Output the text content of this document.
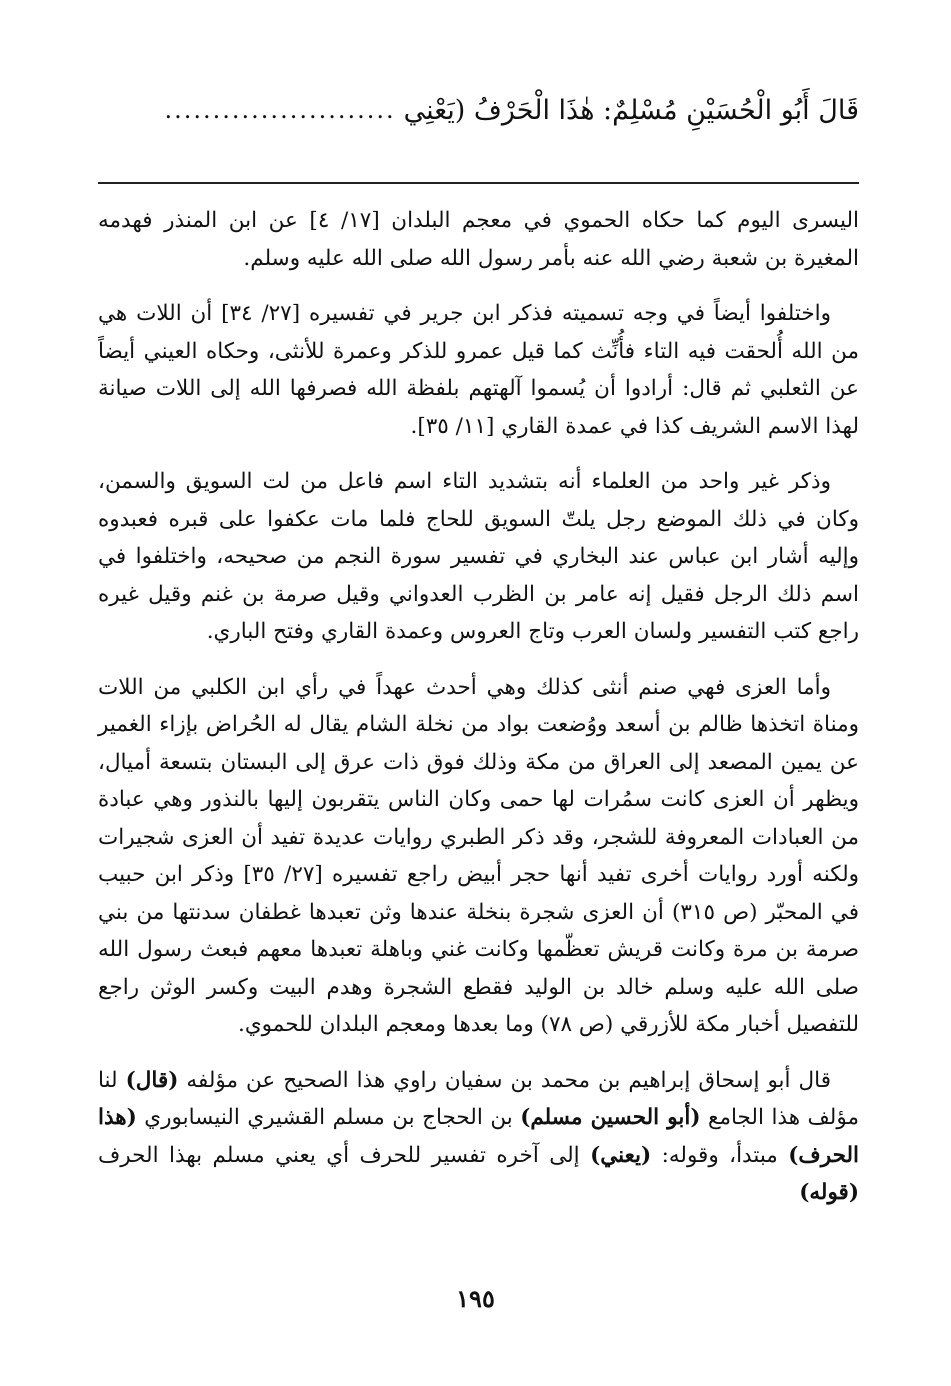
قَالَ أَبُو الْحُسَيْنِ مُسْلِمٌ: هٰذَا الْحَرْفُ (يَعْنِي
........................

اليسرى اليوم كما حكاه الحموي في معجم البلدان [١٧/ ٤] عن ابن المنذر فهدمه المغيرة بن شعبة رضي الله عنه بأمر رسول الله صلى الله عليه وسلم.

واختلفوا أيضاً في وجه تسميته فذكر ابن جرير في تفسيره [٢٧/ ٣٤] أن اللات هي من الله أُلحقت فيه التاء فأُنِّث كما قيل عمرو للذكر وعمرة للأنثى، وحكاه العيني أيضاً عن الثعلبي ثم قال: أرادوا أن يُسموا آلهتهم بلفظة الله فصرفها الله إلى اللات صيانة لهذا الاسم الشريف كذا في عمدة القاري [١١/ ٣٥].

وذكر غير واحد من العلماء أنه بتشديد التاء اسم فاعل من لت السويق والسمن، وكان في ذلك الموضع رجل يلتّ السويق للحاج فلما مات عكفوا على قبره فعبدوه وإليه أشار ابن عباس عند البخاري في تفسير سورة النجم من صحيحه، واختلفوا في اسم ذلك الرجل فقيل إنه عامر بن الظرب العدواني وقيل صرمة بن غنم وقيل غيره راجع كتب التفسير ولسان العرب وتاج العروس وعمدة القاري وفتح الباري.

وأما العزى فهي صنم أنثى كذلك وهي أحدث عهداً في رأي ابن الكلبي من اللات ومناة اتخذها ظالم بن أسعد ووُضعت بواد من نخلة الشام يقال له الحُراض بإزاء الغمير عن يمين المصعد إلى العراق من مكة وذلك فوق ذات عرق إلى البستان بتسعة أميال، ويظهر أن العزى كانت سمُرات لها حمى وكان الناس يتقربون إليها بالنذور وهي عبادة من العبادات المعروفة للشجر، وقد ذكر الطبري روايات عديدة تفيد أن العزى شجيرات ولكنه أورد روايات أخرى تفيد أنها حجر أبيض راجع تفسيره [٢٧/ ٣٥] وذكر ابن حبيب في المحبّر (ص ٣١٥) أن العزى شجرة بنخلة عندها وثن تعبدها غطفان سدنتها من بني صرمة بن مرة وكانت قريش تعظّمها وكانت غني وباهلة تعبدها معهم فبعث رسول الله صلى الله عليه وسلم خالد بن الوليد فقطع الشجرة وهدم البيت وكسر الوثن راجع للتفصيل أخبار مكة للأزرقي (ص ٧٨) وما بعدها ومعجم البلدان للحموي.

قال أبو إسحاق إبراهيم بن محمد بن سفيان راوي هذا الصحيح عن مؤلفه (قال) لنا مؤلف هذا الجامع (أبو الحسين مسلم) بن الحجاج بن مسلم القشيري النيسابوري (هذا الحرف) مبتدأ، وقوله: (يعني) إلى آخره تفسير للحرف أي يعني مسلم بهذا الحرف (قوله)

١٩٥
